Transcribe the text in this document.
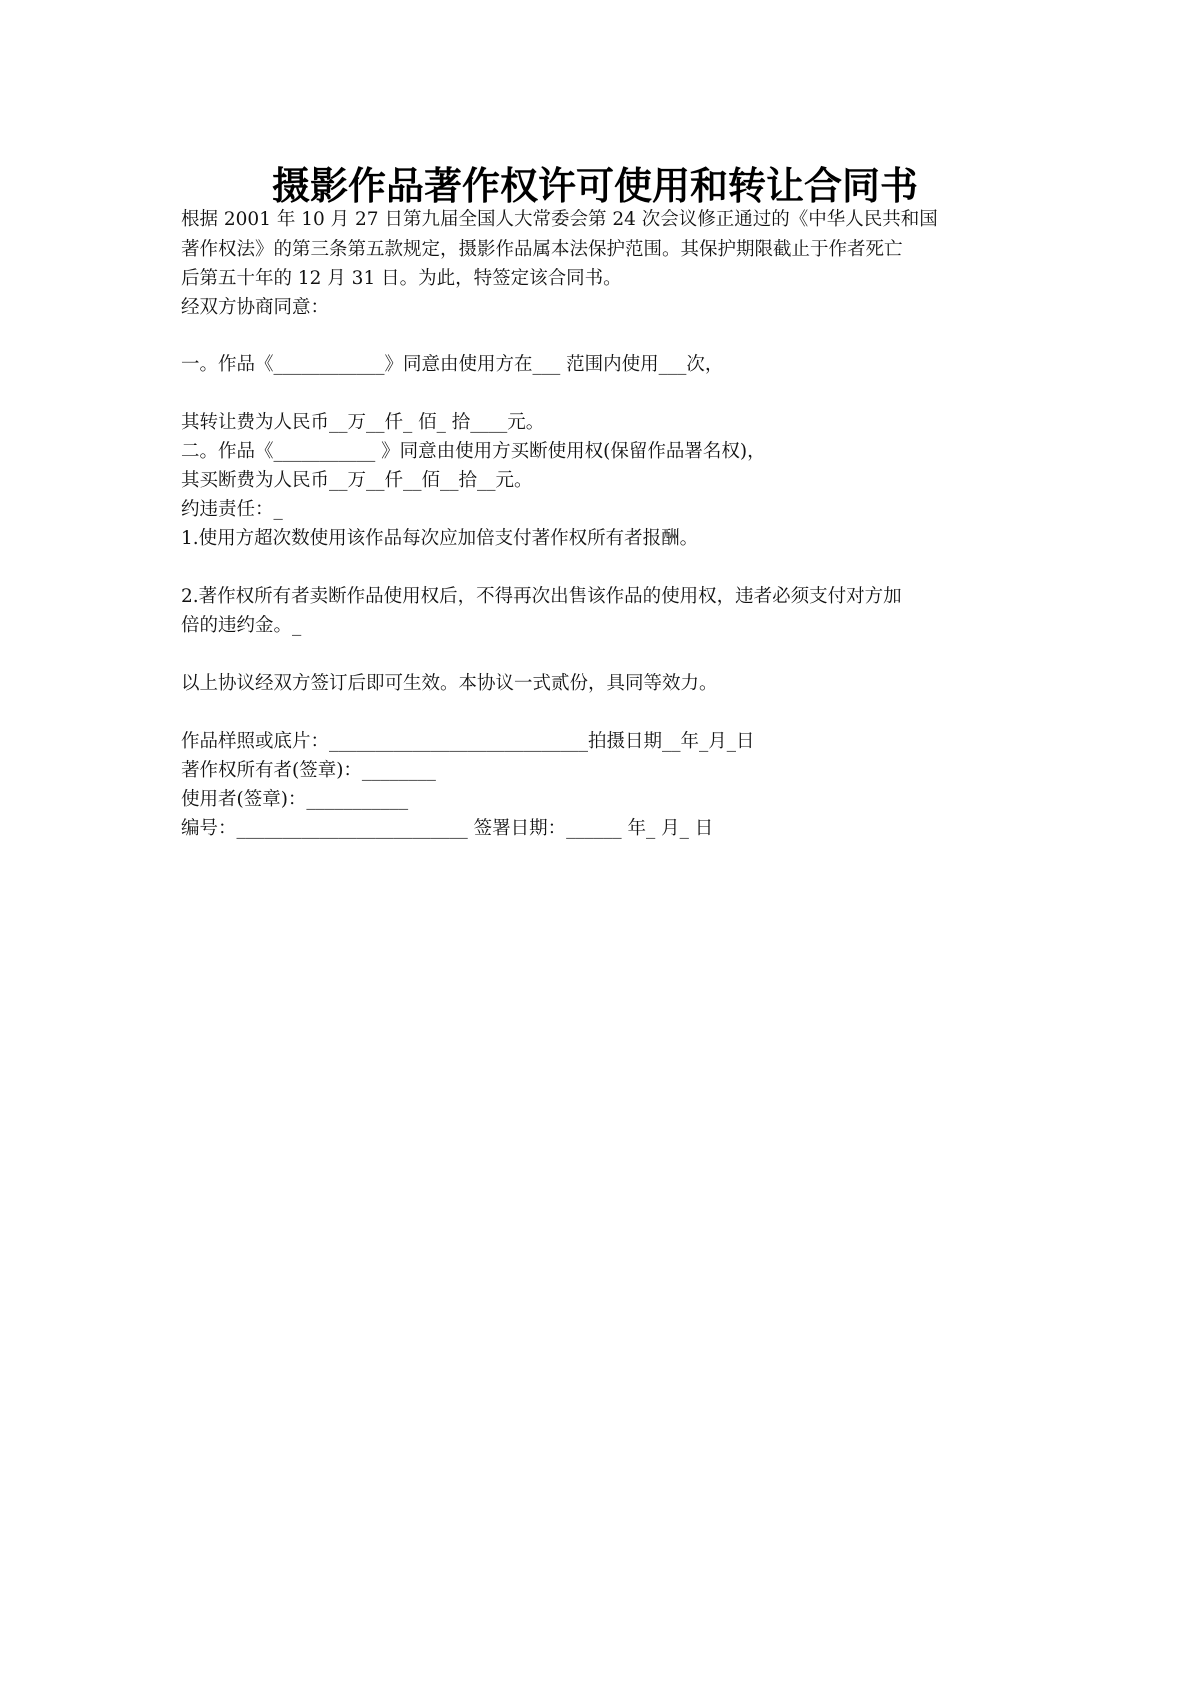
摄影作品著作权许可使用和转让合同书
根据 2001 年 10 月 27 日第九届全国人大常委会第 24 次会议修正通过的《中华人民共和国
著作权法》的第三条第五款规定，摄影作品属本法保护范围。其保护期限截止于作者死亡
后第五十年的 12 月 31 日。为此，特签定该合同书。
经双方协商同意：
一。作品《____________》同意由使用方在___ 范围内使用___次，
其转让费为人民币__万__仟_ 佰_ 拾____元。
二。作品《___________ 》同意由使用方买断使用权(保留作品署名权)，
其买断费为人民币__万__仟__佰__拾__元。
约违责任：_
1.使用方超次数使用该作品每次应加倍支付著作权所有者报酬。
2.著作权所有者卖断作品使用权后，不得再次出售该作品的使用权，违者必须支付对方加
倍的违约金。_
以上协议经双方签订后即可生效。本协议一式贰份，具同等效力。
作品样照或底片：____________________________拍摄日期__年_月_日
著作权所有者(签章)：________
使用者(签章)：___________
编号：_________________________ 签署日期：______ 年_ 月_ 日
